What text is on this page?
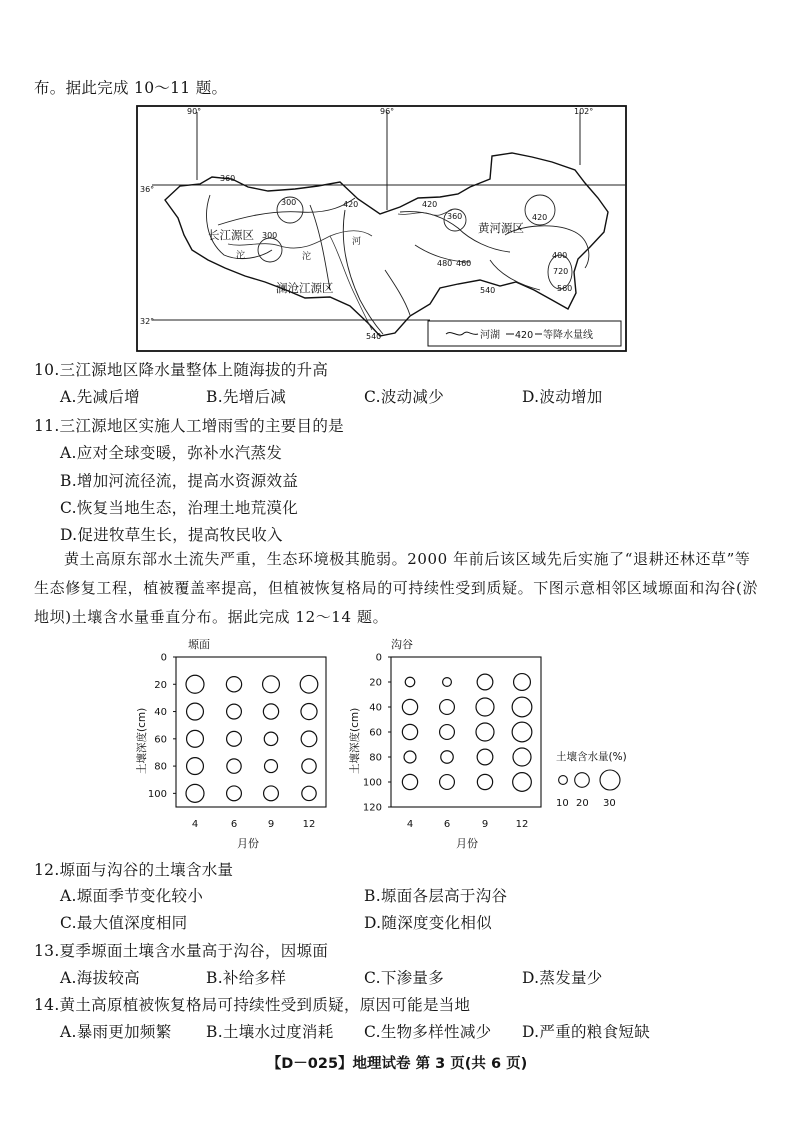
布。据此完成 10～11 题。
90°	96°	102°
36°
32°
360
300	420
300
420
360	420
400
480 460
540
720
560
540
长江源区	黄河源区
澜沧江源区
沱	沱
河
河湖 420 等降水量线
10.三江源地区降水量整体上随海拔的升高
A.先减后增	B.先增后减	C.波动减少	D.波动增加
11.三江源地区实施人工增雨雪的主要目的是
A.应对全球变暖，弥补水汽蒸发
B.增加河流径流，提高水资源效益
C.恢复当地生态，治理土地荒漠化
D.促进牧草生长，提高牧民收入
黄土高原东部水土流失严重，生态环境极其脆弱。2000 年前后该区域先后实施了“退耕还林还草”等生态修复工程，植被覆盖率提高，但植被恢复格局的可持续性受到质疑。下图示意相邻区域塬面和沟谷(淤地坝)土壤含水量垂直分布。据此完成 12～14 题。
塬面
土壤深度(cm)
月份
0
20
40
60
80
100
4	6	9	12
沟谷
土壤深度(cm)
月份
0
20
40
60
80
100
120
4	6	9	12
土壤含水量(%)
10 20 30
12.塬面与沟谷的土壤含水量
A.塬面季节变化较小	B.塬面各层高于沟谷
C.最大值深度相同	D.随深度变化相似
13.夏季塬面土壤含水量高于沟谷，因塬面
A.海拔较高	B.补给多样	C.下渗量多	D.蒸发量少
14.黄土高原植被恢复格局可持续性受到质疑，原因可能是当地
A.暴雨更加频繁 B.土壤水过度消耗 C.生物多样性减少 D.严重的粮食短缺
【D－025】地理试卷 第 3 页(共 6 页)
